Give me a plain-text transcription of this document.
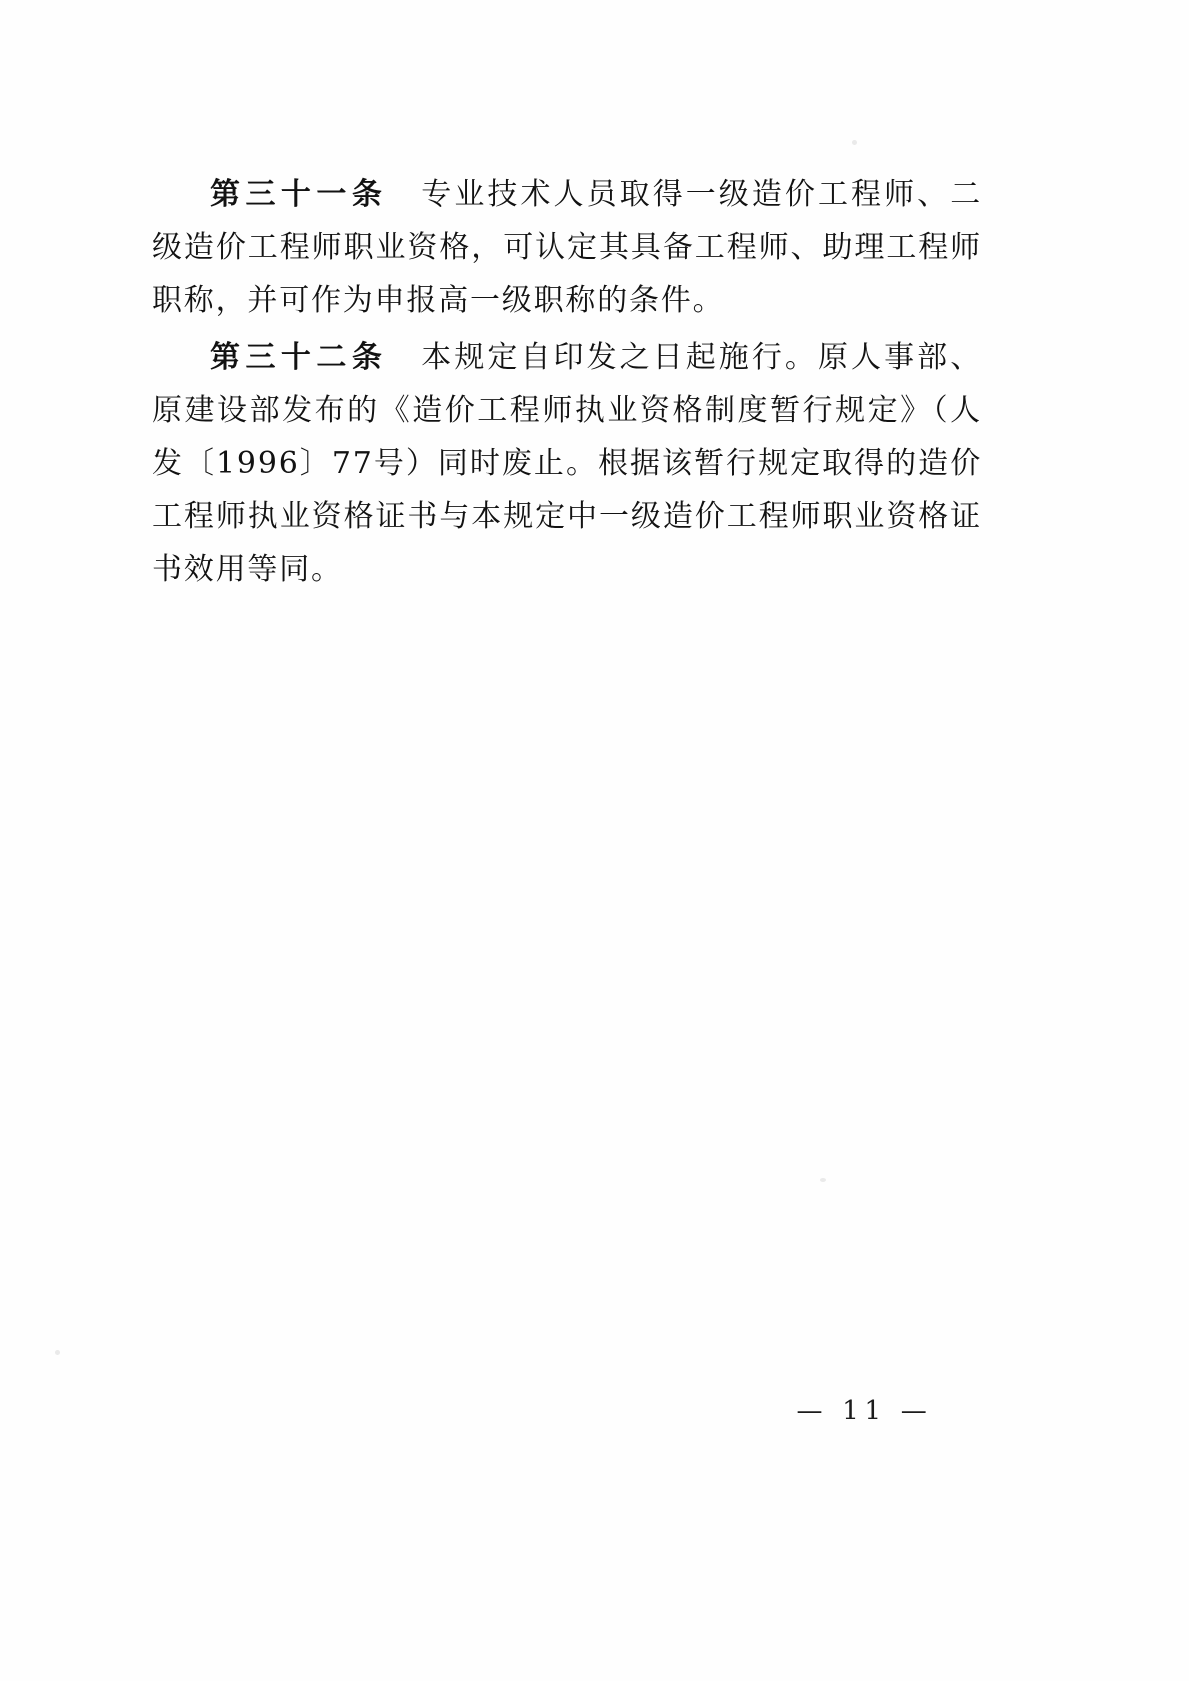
第三十一条 专业技术人员取得一级造价工程师、二级造价工程师职业资格，可认定其具备工程师、助理工程师职称，并可作为申报高一级职称的条件。

第三十二条 本规定自印发之日起施行。原人事部、原建设部发布的《造价工程师执业资格制度暂行规定》（人发〔1996〕77号）同时废止。根据该暂行规定取得的造价工程师执业资格证书与本规定中一级造价工程师职业资格证书效用等同。

— 11 —
